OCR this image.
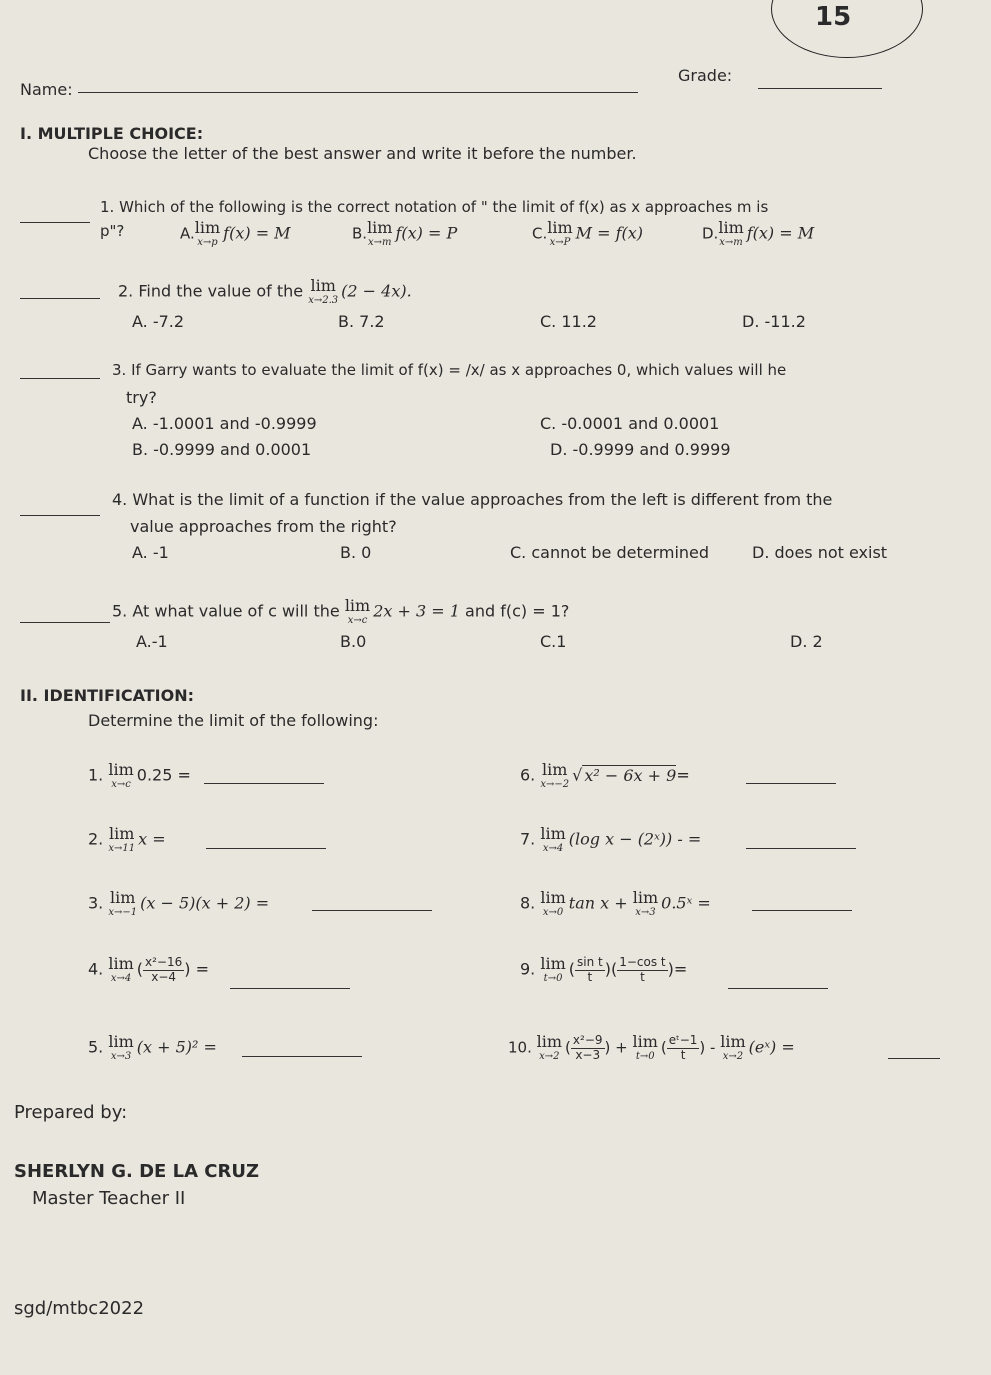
15
Name:
Grade:
I. MULTIPLE CHOICE:
Choose the letter of the best answer and write it before the number.
1. Which of the following is the correct notation of " the limit of f(x) as x approaches m is
p"?	A. lim
x→p f(x) = M	B. lim
x→m f(x) = P	C. lim
x→P M = f(x)	D. lim
x→m f(x) = M
2. Find the value of the lim
x→2.3 (2 − 4x).
A. -7.2	B. 7.2	C. 11.2	D. -11.2
3. If Garry wants to evaluate the limit of f(x) = /x/ as x approaches 0, which values will he
try?
A. -1.0001 and -0.9999
B. -0.9999 and 0.0001
C. -0.0001 and 0.0001
D. -0.9999 and 0.9999
4. What is the limit of a function if the value approaches from the left is different from the
value approaches from the right?
A. -1	B. 0	C. cannot be determined	D. does not exist
5. At what value of c will the lim
x→c 2x + 3 = 1 and f(c) = 1?
A.-1	B.0	C.1	D. 2
II. IDENTIFICATION:
Determine the limit of the following:
1. lim
x→c 0.25 =
2. lim
x→11 x =
3. lim
x→−1 (x − 5)(x + 2) =
4. lim
x→4 ( $\frac{\text{x²−16}}{x-4}$ ) =
5. lim
x→3 (x + 5)² =
6. lim
x→−2 √ x² − 6x + 9=
7. lim
x→4 (log x − (2ˣ)) - =
8. lim
x→0 tan x + lim
x→3 0.5ˣ =
9. lim
t→0 ( $\frac{\text{sin t}}{t}$ )( $\frac{\text{1−cos t}}{t}$ )=
10. lim
x→2 ( $\frac{\text{x²−9}}{x-3}$ ) + lim
t→0 ( $\frac{\text{eᵗ−1}}{t}$ ) - lim
x→2 (eˣ) =
Prepared by:
SHERLYN G. DE LA CRUZ
Master Teacher II
sgd/mtbc2022
